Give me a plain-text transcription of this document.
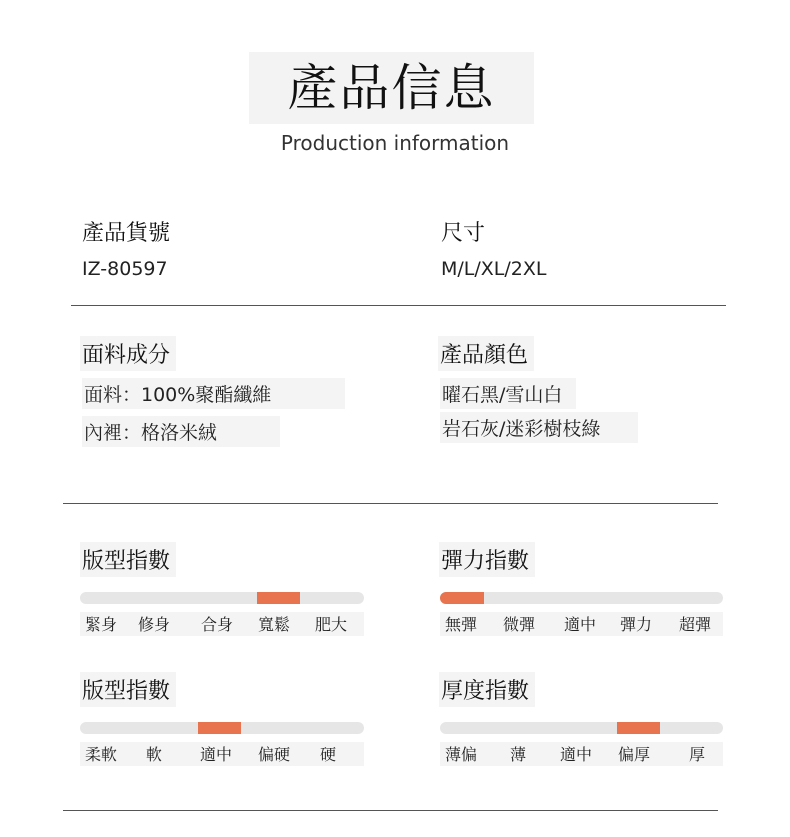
產品信息
Production information
產品貨號
IZ-80597
尺寸
M/L/XL/2XL
面料成分
面料：100%聚酯纖維
內裡：格洛米絨
產品顏色
曜石黑/雪山白
岩石灰/迷彩樹枝綠
版型指數
緊身 修身 合身 寬鬆 肥大
彈力指數
無彈 微彈 適中 彈力 超彈
版型指數
柔軟 軟 適中 偏硬 硬
厚度指數
薄偏 薄 適中 偏厚 厚
